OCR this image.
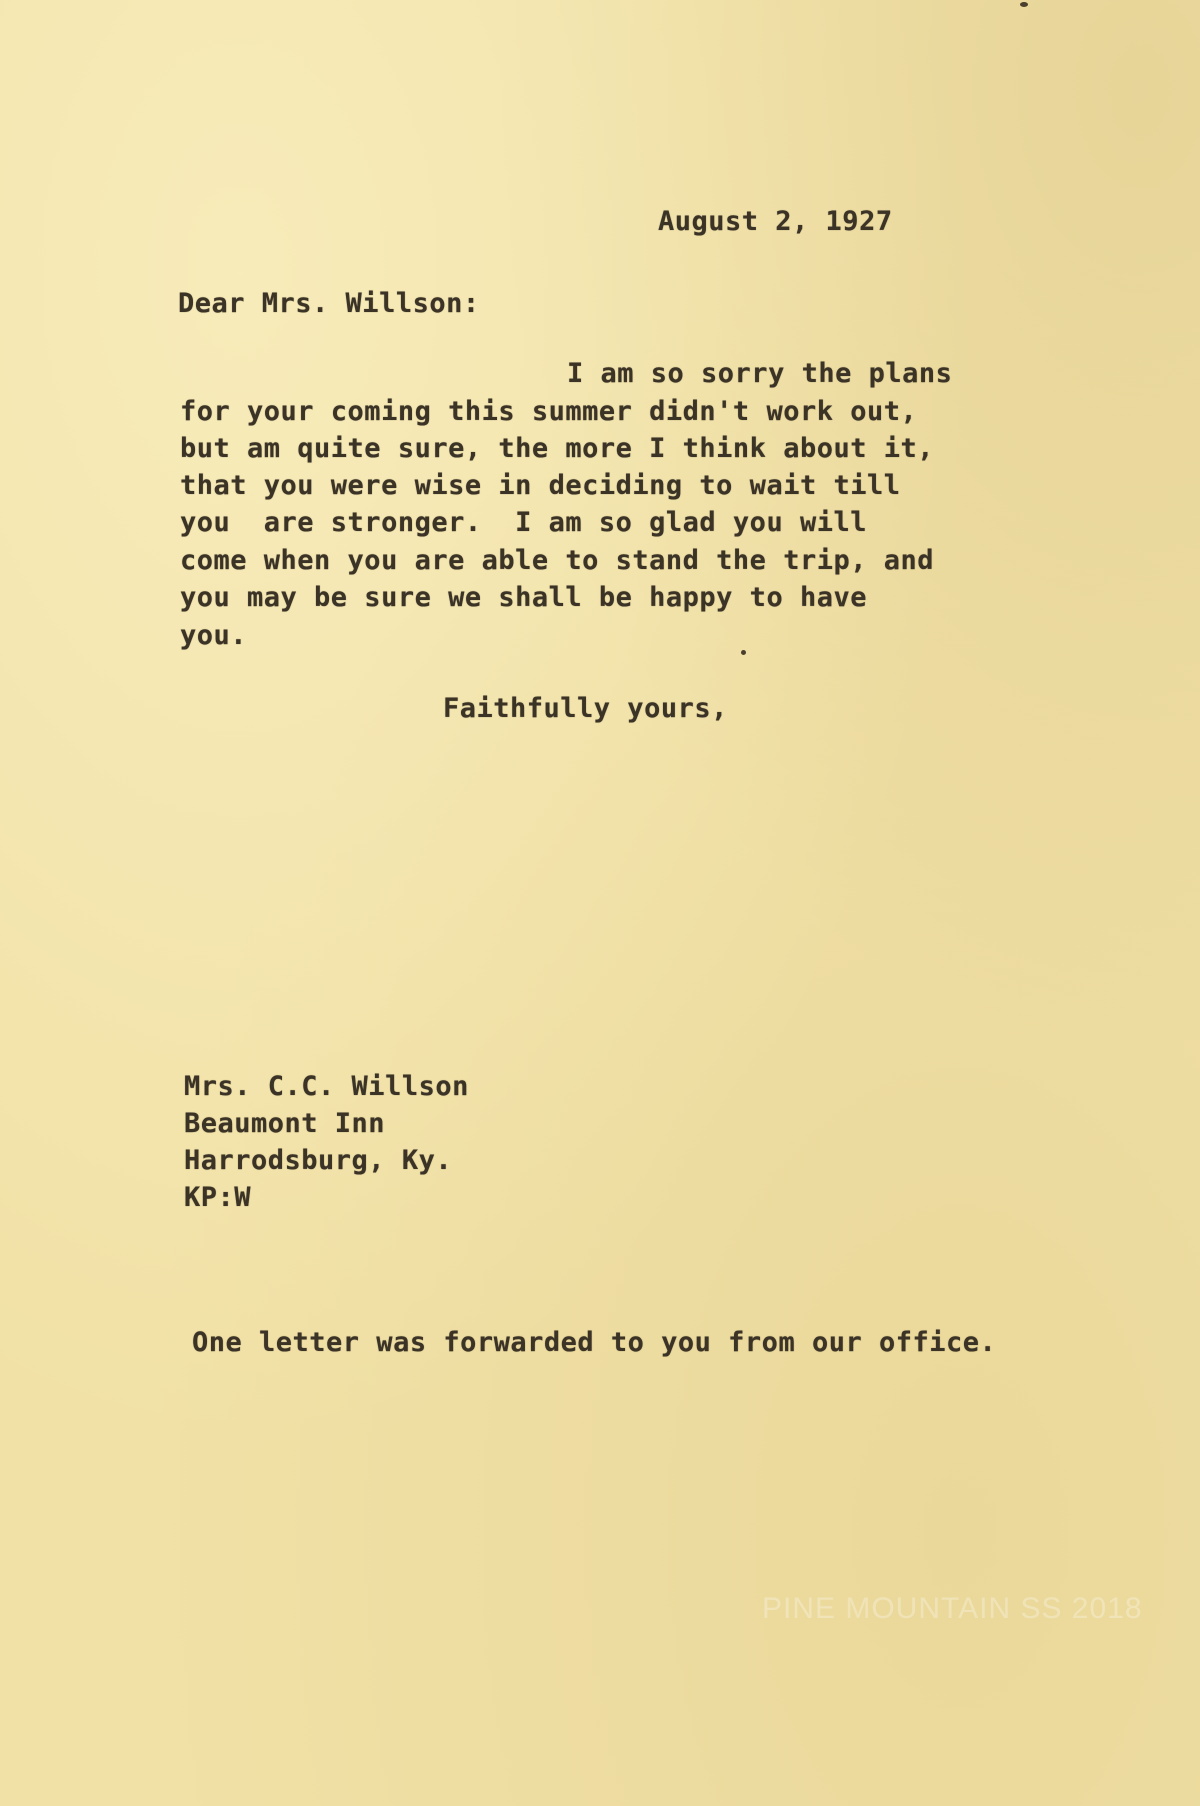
August 2, 1927

Dear Mrs. Willson:

I am so sorry the plans

for your coming this summer didn't work out,

but am quite sure, the more I think about it,

that you were wise in deciding to wait till

you  are stronger.  I am so glad you will

come when you are able to stand the trip, and

you may be sure we shall be happy to have

you.

Faithfully yours,

Mrs. C.C. Willson

Beaumont Inn

Harrodsburg, Ky.

KP:W

One letter was forwarded to you from our office.

PINE MOUNTAIN SS 2018
